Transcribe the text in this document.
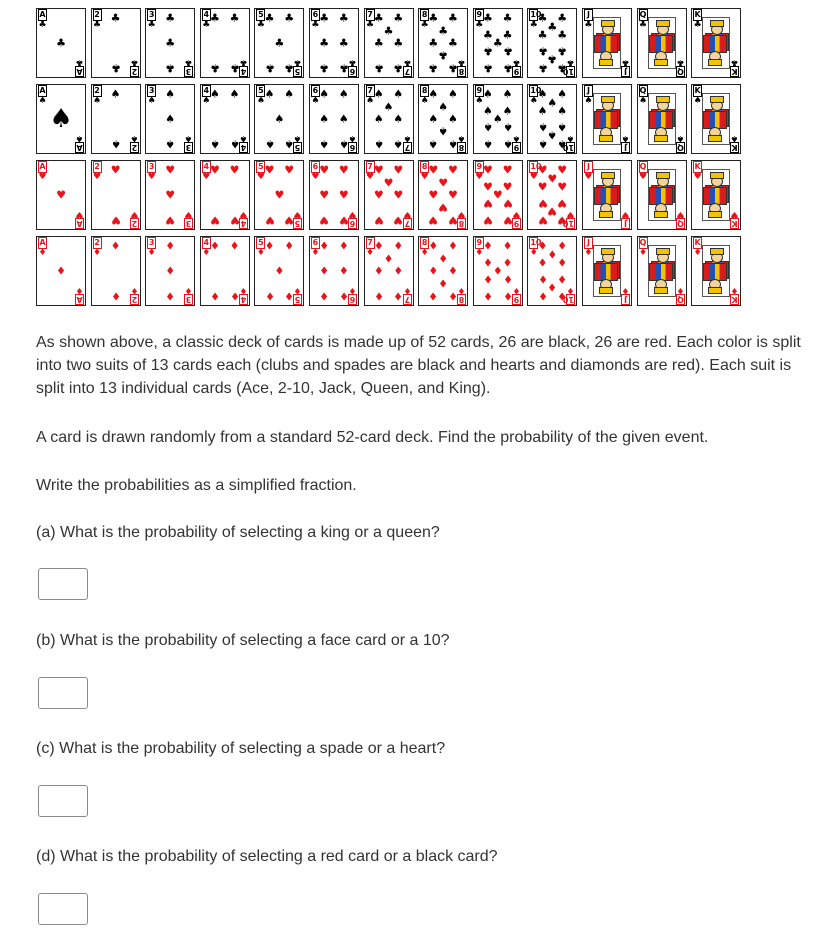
A
♣
A
♣
♣
2
♣
2
♣
♣
♣
3
♣
3
♣
♣
♣
♣
4
♣
4
♣
♣ ♣
♣ ♣
5
♣
5
♣
♣ ♣
♣
♣ ♣
6
♣
6
♣
♣ ♣
♣ ♣
♣ ♣
7
♣
7
♣
♣ ♣
♣
♣ ♣
♣ ♣
8
♣
8
♣
♣ ♣
♣
♣ ♣
♣
♣ ♣
9
♣
9
♣
♣ ♣
♣ ♣
♣
♣ ♣
♣ ♣
10
♣
10
♣
♣ ♣
♣
♣ ♣
♣ ♣
♣
♣ ♣
J
♣
J
♣
Q
♣
Q
♣
K
♣
K
♣
A
♠
A
♠
♠
2
♠
2
♠
♠
♠
3
♠
3
♠
♠
♠
♠
4
♠
4
♠
♠ ♠
♠ ♠
5
♠
5
♠
♠ ♠
♠
♠ ♠
6
♠
6
♠
♠ ♠
♠ ♠
♠ ♠
7
♠
7
♠
♠ ♠
♠
♠ ♠
♠ ♠
8
♠
8
♠
♠ ♠
♠
♠ ♠
♠
♠ ♠
9
♠
9
♠
♠ ♠
♠ ♠
♠
♠ ♠
♠ ♠
10
♠
10
♠
♠ ♠
♠
♠ ♠
♠ ♠
♠
♠ ♠
J
♠
J
♠
Q
♠
Q
♠
K
♠
K
♠
A
♥
A
♥
♥
2
♥
2
♥
♥
♥
3
♥
3
♥
♥
♥
♥
4
♥
4
♥
♥ ♥
♥ ♥
5
♥
5
♥
♥ ♥
♥
♥ ♥
6
♥
6
♥
♥ ♥
♥ ♥
♥ ♥
7
♥
7
♥
♥ ♥
♥
♥ ♥
♥ ♥
8
♥
8
♥
♥ ♥
♥
♥ ♥
♥
♥ ♥
9
♥
9
♥
♥ ♥
♥ ♥
♥
♥ ♥
♥ ♥
10
♥
10
♥
♥ ♥
♥
♥ ♥
♥ ♥
♥
♥ ♥
J
♥
J
♥
Q
♥
Q
♥
K
♥
K
♥
A
♦
A
♦
♦
2
♦
2
♦
♦
♦
3
♦
3
♦
♦
♦
♦
4
♦
4
♦
♦ ♦
♦ ♦
5
♦
5
♦
♦ ♦
♦
♦ ♦
6
♦
6
♦
♦ ♦
♦ ♦
♦ ♦
7
♦
7
♦
♦ ♦
♦
♦ ♦
♦ ♦
8
♦
8
♦
♦ ♦
♦
♦ ♦
♦
♦ ♦
9
♦
9
♦
♦ ♦
♦ ♦
♦
♦ ♦
♦ ♦
10
♦
10
♦
♦ ♦
♦
♦ ♦
♦ ♦
♦
♦ ♦
J
♦
J
♦
Q
♦
Q
♦
K
♦
K
♦

As shown above, a classic deck of cards is made up of 52 cards, 26 are black, 26 are red. Each color is split into two suits of 13 cards each (clubs and spades are black and hearts and diamonds are red). Each suit is split into 13 individual cards (Ace, 2-10, Jack, Queen, and King).

A card is drawn randomly from a standard 52-card deck. Find the probability of the given event.

Write the probabilities as a simplified fraction.

(a) What is the probability of selecting a king or a queen?

(b) What is the probability of selecting a face card or a 10?

(c) What is the probability of selecting a spade or a heart?

(d) What is the probability of selecting a red card or a black card?
